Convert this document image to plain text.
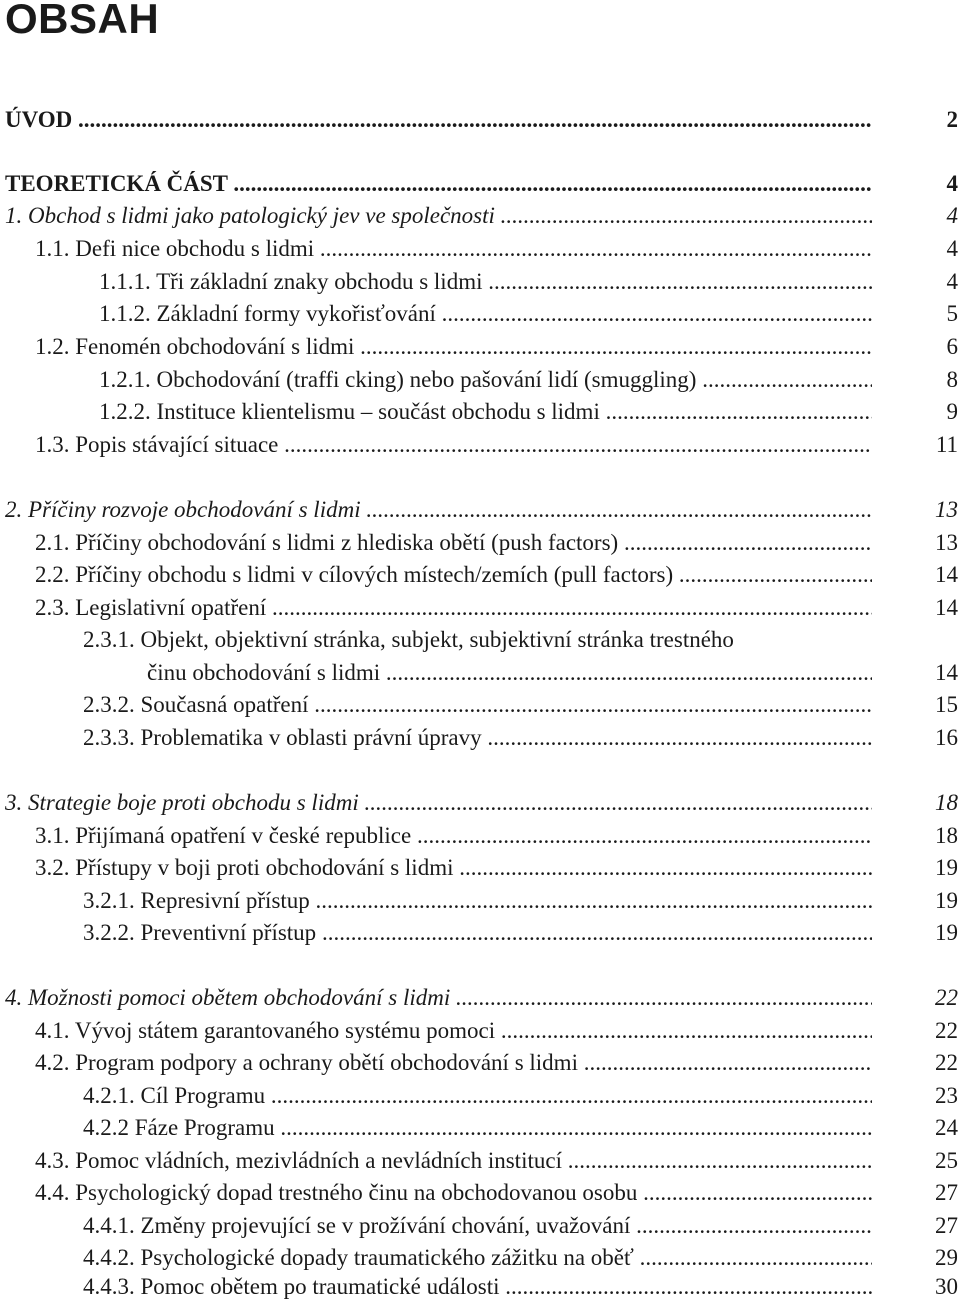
OBSAH
ÚVOD .....	2
TEORETICKÁ ČÁST .....	4
1. Obchod s lidmi jako patologický jev ve společnosti .....	4
1.1. Defi nice obchodu s lidmi .....	4
1.1.1. Tři základní znaky obchodu s lidmi .....	4
1.1.2. Základní formy vykořisťování .....	5
1.2. Fenomén obchodování s lidmi .....	6
1.2.1. Obchodování (traffi cking) nebo pašování lidí (smuggling) .....	8
1.2.2. Instituce klientelismu – součást obchodu s lidmi .....	9
1.3. Popis stávající situace .....	11
2. Příčiny rozvoje obchodování s lidmi .....	13
2.1. Příčiny obchodování s lidmi z hlediska obětí (push factors) .....	13
2.2. Příčiny obchodu s lidmi v cílových místech/zemích (pull factors) .....	14
2.3. Legislativní opatření .....	14
2.3.1. Objekt, objektivní stránka, subjekt, subjektivní stránka trestného
činu obchodování s lidmi .....	14
2.3.2. Současná opatření .....	15
2.3.3. Problematika v oblasti právní úpravy .....	16
3. Strategie boje proti obchodu s lidmi .....	18
3.1. Přijímaná opatření v české republice .....	18
3.2. Přístupy v boji proti obchodování s lidmi .....	19
3.2.1. Represivní přístup .....	19
3.2.2. Preventivní přístup .....	19
4. Možnosti pomoci obětem obchodování s lidmi .....	22
4.1. Vývoj státem garantovaného systému pomoci .....	22
4.2. Program podpory a ochrany obětí obchodování s lidmi .....	22
4.2.1. Cíl Programu .....	23
4.2.2 Fáze Programu .....	24
4.3. Pomoc vládních, mezivládních a nevládních institucí .....	25
4.4. Psychologický dopad trestného činu na obchodovanou osobu .....	27
4.4.1. Změny projevující se v prožívání chování, uvažování .....	27
4.4.2. Psychologické dopady traumatického zážitku na oběť .....	29
4.4.3. Pomoc obětem po traumatické události .....	30
